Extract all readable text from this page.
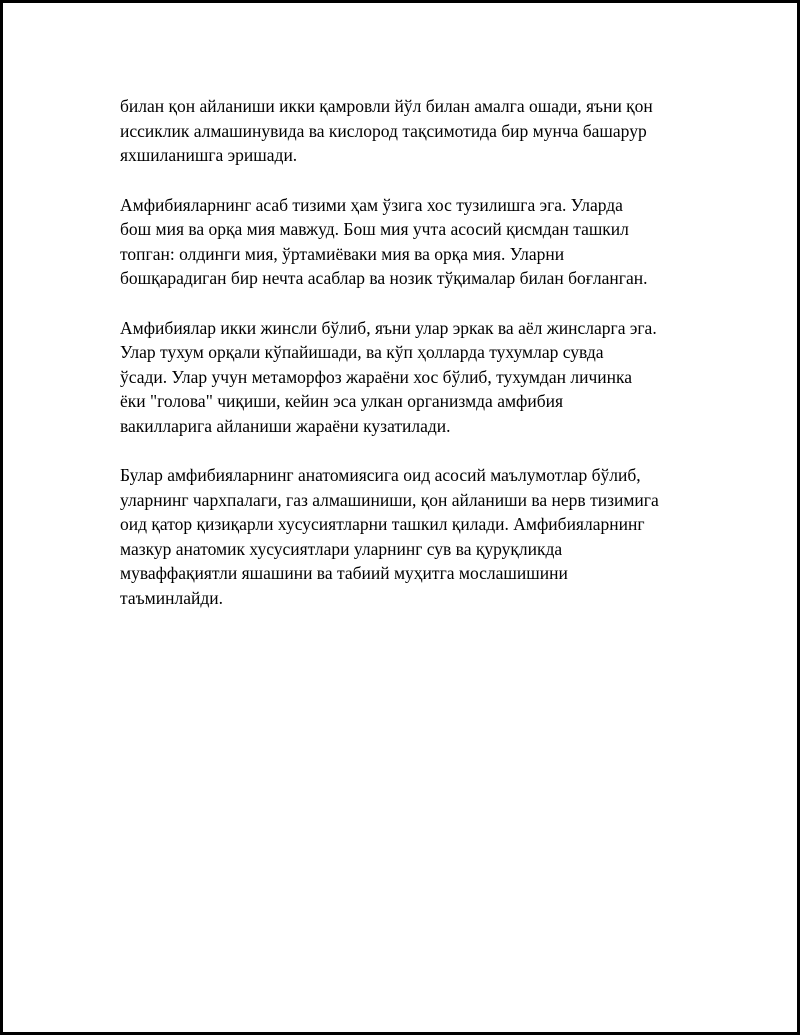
билан қон айланиши икки қамровли йўл билан амалга ошади, яъни қон
иссиклик алмашинувида ва кислород тақсимотида бир мунча башарур
яхшиланишга эришади.

Амфибияларнинг асаб тизими ҳам ўзига хос тузилишга эга. Уларда
бош мия ва орқа мия мавжуд. Бош мия учта асосий қисмдан ташкил
топган: олдинги мия, ўртамиёваки мия ва орқа мия. Уларни
бошқарадиган бир нечта асаблар ва нозик тўқималар билан боғланган.

Амфибиялар икки жинсли бўлиб, яъни улар эркак ва аёл жинсларга эга.
Улар тухум орқали кўпайишади, ва кўп ҳолларда тухумлар сувда
ўсади. Улар учун метаморфоз жараёни хос бўлиб, тухумдан личинка
ёки "голова" чиқиши, кейин эса улкан организмда амфибия
вакилларига айланиши жараёни кузатилади.

Булар амфибияларнинг анатомиясига оид асосий маълумотлар бўлиб,
уларнинг чархпалаги, газ алмашиниши, қон айланиши ва нерв тизимига
оид қатор қизиқарли хусусиятларни ташкил қилади. Амфибияларнинг
мазкур анатомик хусусиятлари уларнинг сув ва қуруқликда
муваффақиятли яшашини ва табиий муҳитга мослашишини
таъминлайди.
